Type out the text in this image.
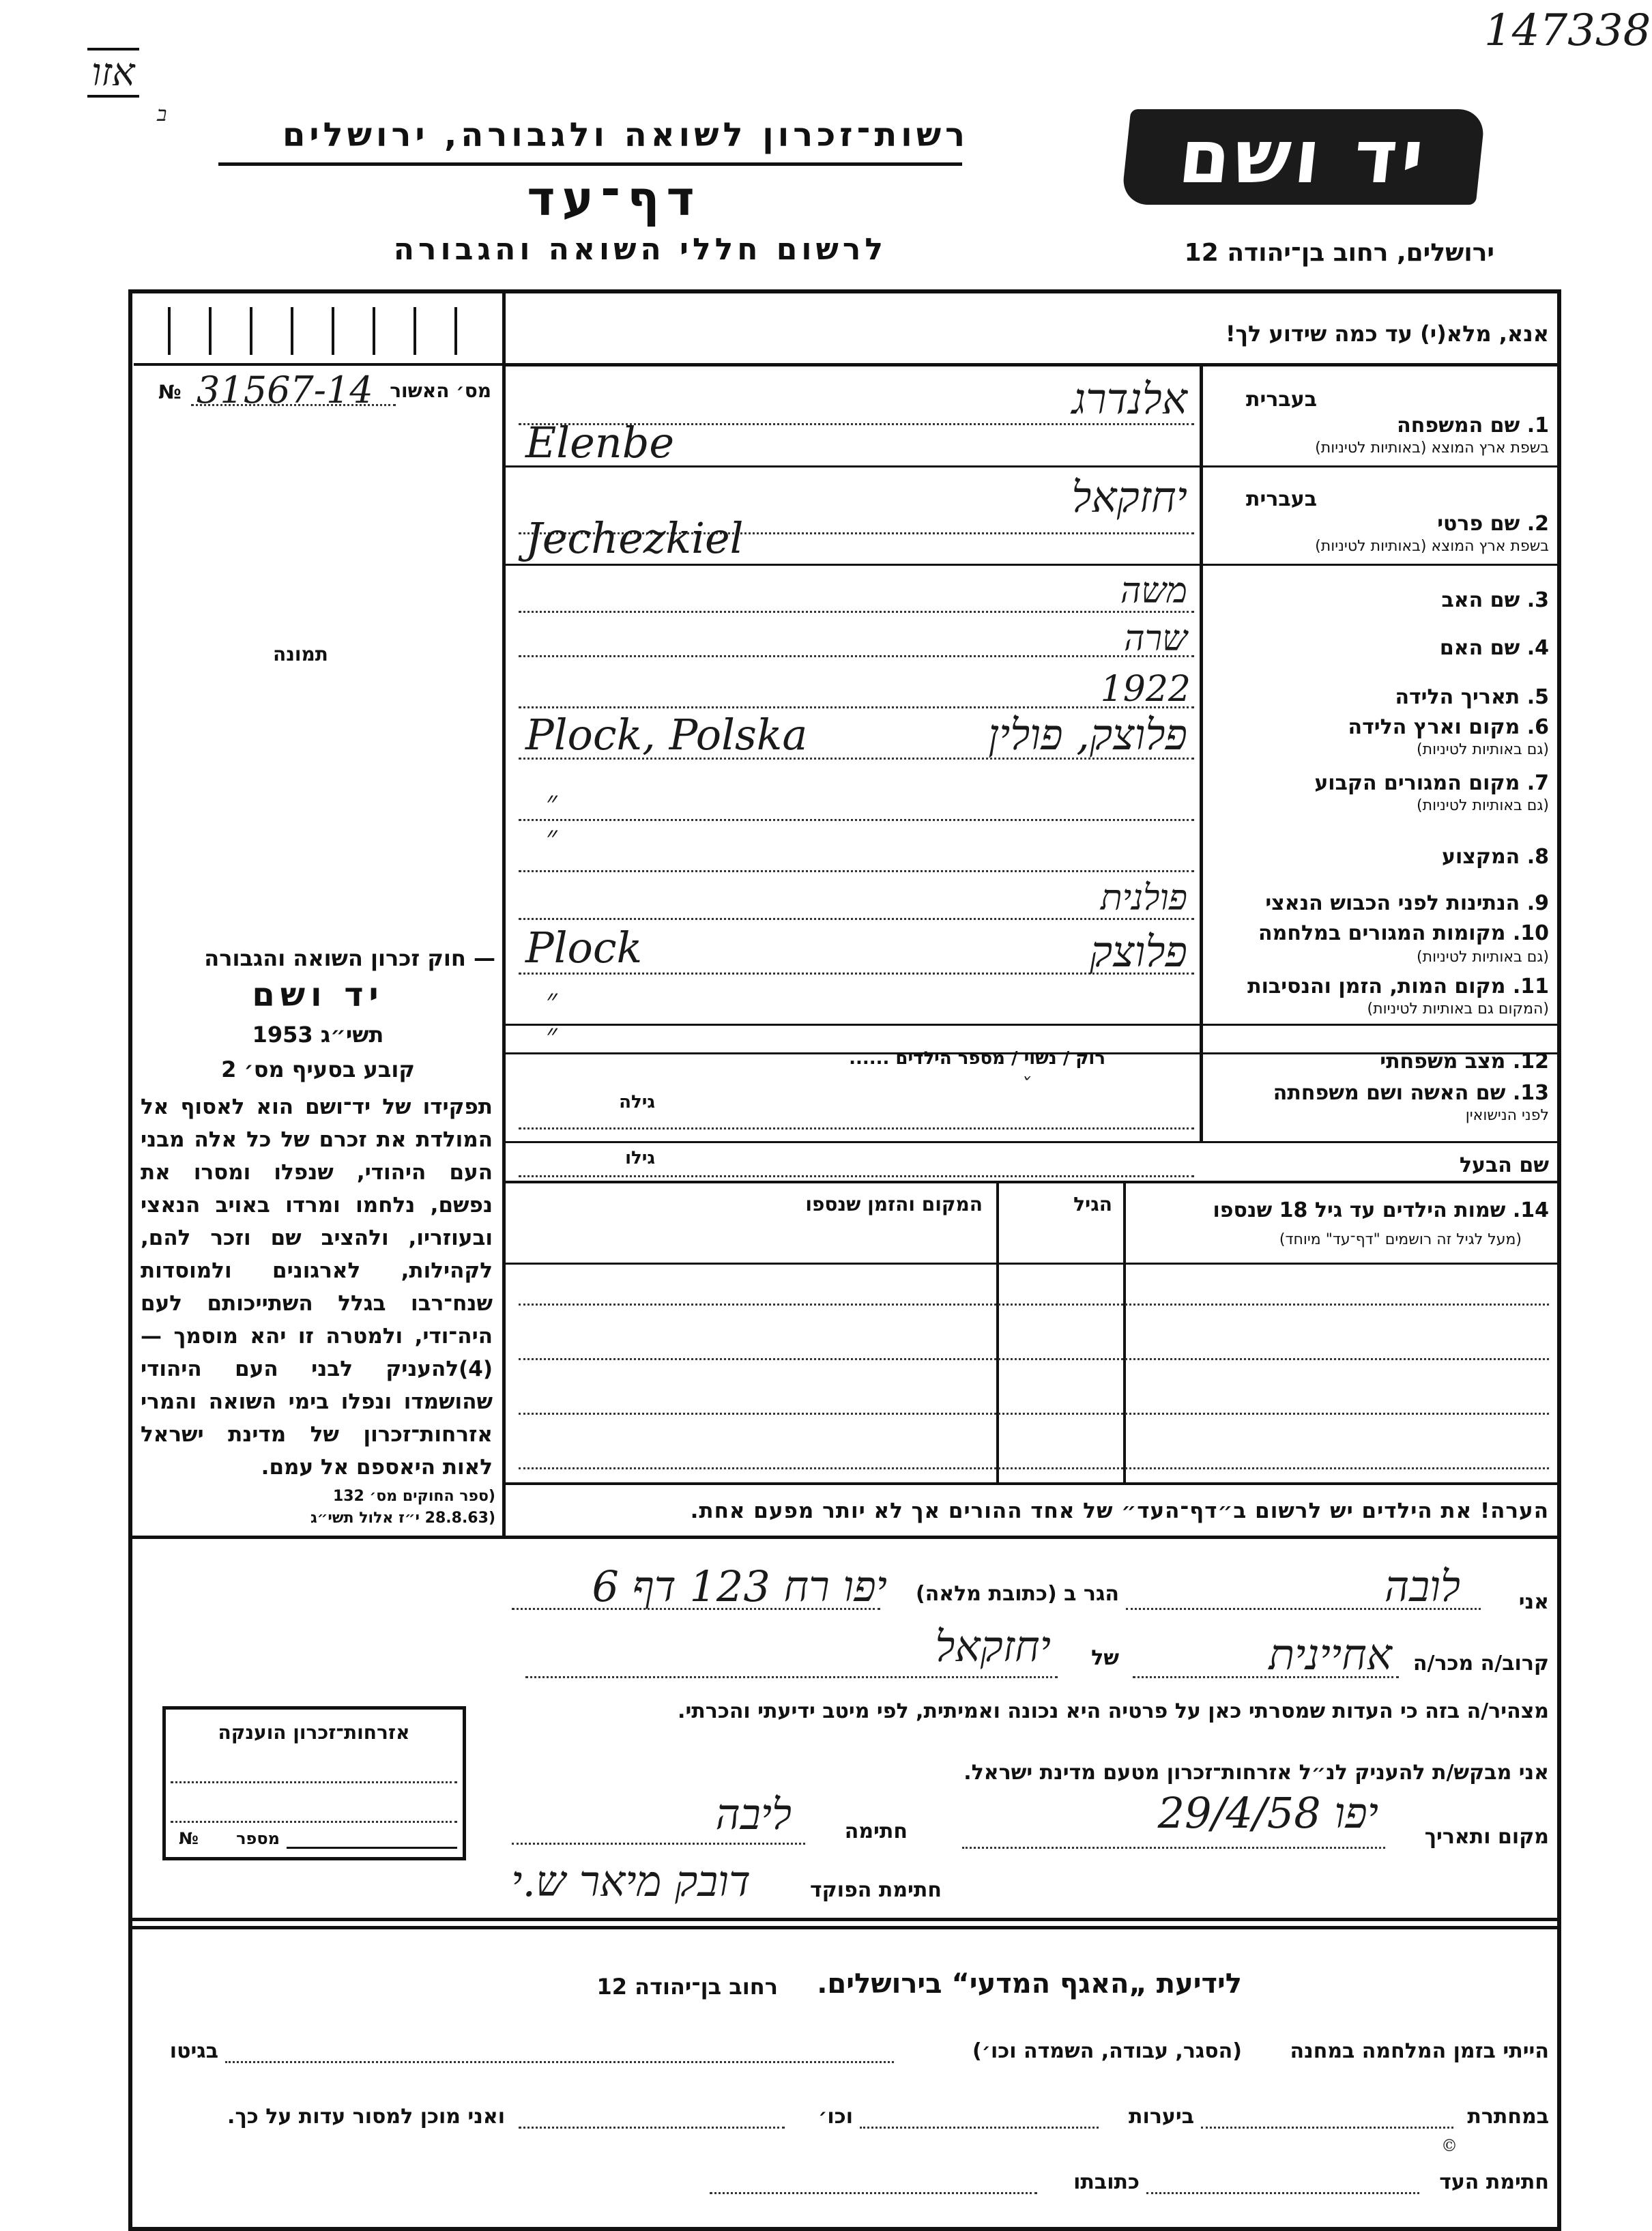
147338
אזו
ב
רשות־זכרון לשואה ולגבורה, ירושלים
דף־עד
לרשום חללי השואה והגבורה
יד ושם
ירושלים, רחוב בן־יהודה 12
אנא, מלא(י) עד כמה שידוע לך!
№ 31567-14 מס׳ האשור
תמונה
— חוק זכרון השואה והגבורה
יד ושם
תשי״ג 1953
קובע בסעיף מס׳ 2
תפקידו של יד־ושם הוא לאסוף אל המולדת את זכרם של כל אלה מבני העם היהודי, שנפלו ומסרו את נפשם, נלחמו ומרדו באויב הנאצי ובעוזריו, ולהציב שם וזכר להם, לקהילות, לארגונים ולמוסדות שנח־רבו בגלל השתייכותם לעם היה־ודי, ולמטרה זו יהא מוסמך — (4)להעניק לבני העם היהודי שהושמדו ונפלו בימי השואה והמרי אזרחות־זכרון של מדינת ישראל לאות היאספם אל עמם.
(ספר החוקים מס׳ 132
(28.8.63 י״ז אלול תשי״ג
בעברית
1. שם המשפחה
בשפת ארץ המוצא (באותיות לטיניות)
אלנדרג
Elenbe
בעברית
2. שם פרטי
בשפת ארץ המוצא (באותיות לטיניות)
יחזקאל
Jechezkiel
3. שם האב
משה
4. שם האם
שרה
5. תאריך הלידה
1922
6. מקום וארץ הלידה
(גם באותיות לטיניות)
פלוצק, פולין
Plock, Polska
7. מקום המגורים הקבוע
(גם באותיות לטיניות)
״ ״
8. המקצוע
9. הנתינות לפני הכבוש הנאצי
פולנית
10. מקומות המגורים במלחמה
(גם באותיות לטיניות)
פלוצק
Plock
11. מקום המות, הזמן והנסיבות
(המקום גם באותיות לטיניות)
״ ״
12. מצב משפחתי
רוק / נשוי / מספר הילדים ......
ˇ	13. שם האשה ושם משפחתה
לפני הנישואין
גילה
שם הבעל
גילו
14. שמות הילדים עד גיל 18 שנספו
(מעל לגיל זה רושמים "דף־עד" מיוחד)
הגיל
המקום והזמן שנספו
הערה! את הילדים יש לרשום ב״דף־העד״ של אחד ההורים אך לא יותר מפעם אחת.
אני
לובה
הגר ב (כתובת מלאה)
יפו רח 123 דף 6
קרוב/ה מכר/ה
אחיינית
של
יחזקאל
מצהיר/ה בזה כי העדות שמסרתי כאן על פרטיה היא נכונה ואמיתית, לפי מיטב ידיעתי והכרתי.
אני מבקש/ת להעניק לנ״ל אזרחות־זכרון מטעם מדינת ישראל.
מקום ותאריך
יפו 29/4/58
חתימה
ליבה
חתימת הפוקד
דובק מיאר ש.י
אזרחות־זכרון הוענקה
№	מספר
לידיעת „האגף המדעי“ בירושלים.
רחוב בן־יהודה 12
הייתי בזמן המלחמה במחנה
(הסגר, עבודה, השמדה וכו׳)
בגיטו
במחתרת
ביערות
וכו׳
ואני מוכן למסור עדות על כך.
©
חתימת העד
כתובתו
